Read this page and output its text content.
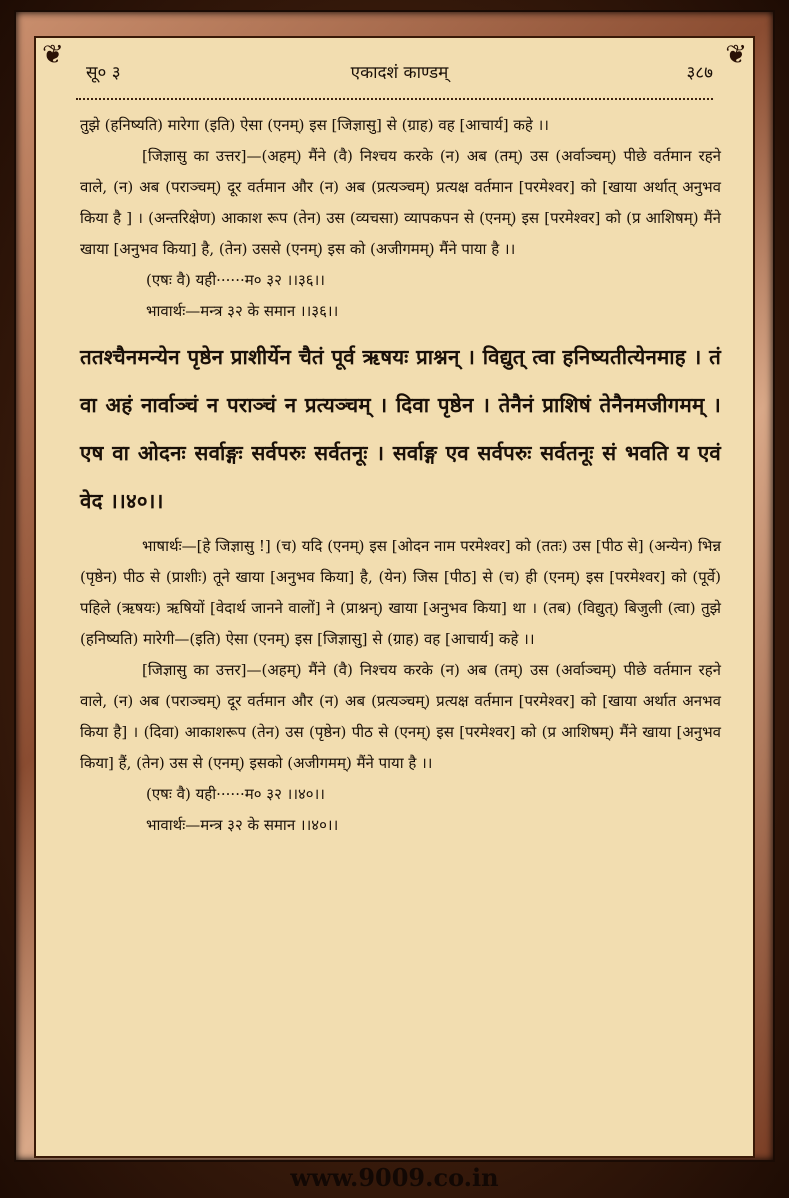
❦	❦
सू० ३	एकादशं काण्डम्	३८७

तुझे (हनिष्यति) मारेगा (इति) ऐसा (एनम्) इस [जिज्ञासु] से (ग्राह) वह [आचार्य] कहे ।।

[जिज्ञासु का उत्तर]—(अहम्) मैंने (वै) निश्चय करके (न) अब (तम्) उस (अर्वाञ्चम्) पीछे वर्तमान रहने वाले, (न) अब (पराञ्चम्) दूर वर्तमान और (न) अब (प्रत्यञ्चम्) प्रत्यक्ष वर्तमान [परमेश्वर] को [खाया अर्थात् अनुभव किया है ] । (अन्तरिक्षेण) आकाश रूप (तेन) उस (व्यचसा) व्यापकपन से (एनम्) इस [परमेश्वर] को (प्र आशिषम्) मैंने खाया [अनुभव किया] है, (तेन) उससे (एनम्) इस को (अजीगमम्) मैंने पाया है ।।

(एषः वै) यही······म० ३२ ।।३६।।

भावार्थः—मन्त्र ३२ के समान ।।३६।।

ततश्चैनमन्येन पृष्ठेन प्राशीर्येन चैतं पूर्व ऋषयः प्राश्नन् । विद्युत् त्वा हनिष्यतीत्येनमाह । तं वा अहं नार्वाञ्चं न पराञ्चं न प्रत्यञ्चम् । दिवा पृष्ठेन । तेनैनं प्राशिषं तेनैनमजीगमम् । एष वा ओदनः सर्वाङ्गः सर्वपरुः सर्वतनूः । सर्वाङ्ग एव सर्वपरुः सर्वतनूः सं भवति य एवं वेद ।।४०।।

भाषार्थः—[हे जिज्ञासु !] (च) यदि (एनम्) इस [ओदन नाम परमेश्वर] को (ततः) उस [पीठ से] (अन्येन) भिन्न (पृष्ठेन) पीठ से (प्राशीः) तूने खाया [अनुभव किया] है, (येन) जिस [पीठ] से (च) ही (एनम्) इस [परमेश्वर] को (पूर्वे) पहिले (ऋषयः) ऋषियों [वेदार्थ जानने वालों] ने (प्राश्नन्) खाया [अनुभव किया] था । (तब) (विद्युत्) बिजुली (त्वा) तुझे (हनिष्यति) मारेगी—(इति) ऐसा (एनम्) इस [जिज्ञासु] से (ग्राह) वह [आचार्य] कहे ।।

[जिज्ञासु का उत्तर]—(अहम्) मैंने (वै) निश्चय करके (न) अब (तम्) उस (अर्वाञ्चम्) पीछे वर्तमान रहने वाले, (न) अब (पराञ्चम्) दूर वर्तमान और (न) अब (प्रत्यञ्चम्) प्रत्यक्ष वर्तमान [परमेश्वर] को [खाया अर्थात अनभव किया है] । (दिवा) आकाशरूप (तेन) उस (पृष्ठेन) पीठ से (एनम्) इस [परमेश्वर] को (प्र आशिषम्) मैंने खाया [अनुभव किया] हैं, (तेन) उस से (एनम्) इसको (अजीगमम्) मैंने पाया है ।।

(एषः वै) यही······म० ३२ ।।४०।।

भावार्थः—मन्त्र ३२ के समान ।।४०।।

www.9009.co.in
